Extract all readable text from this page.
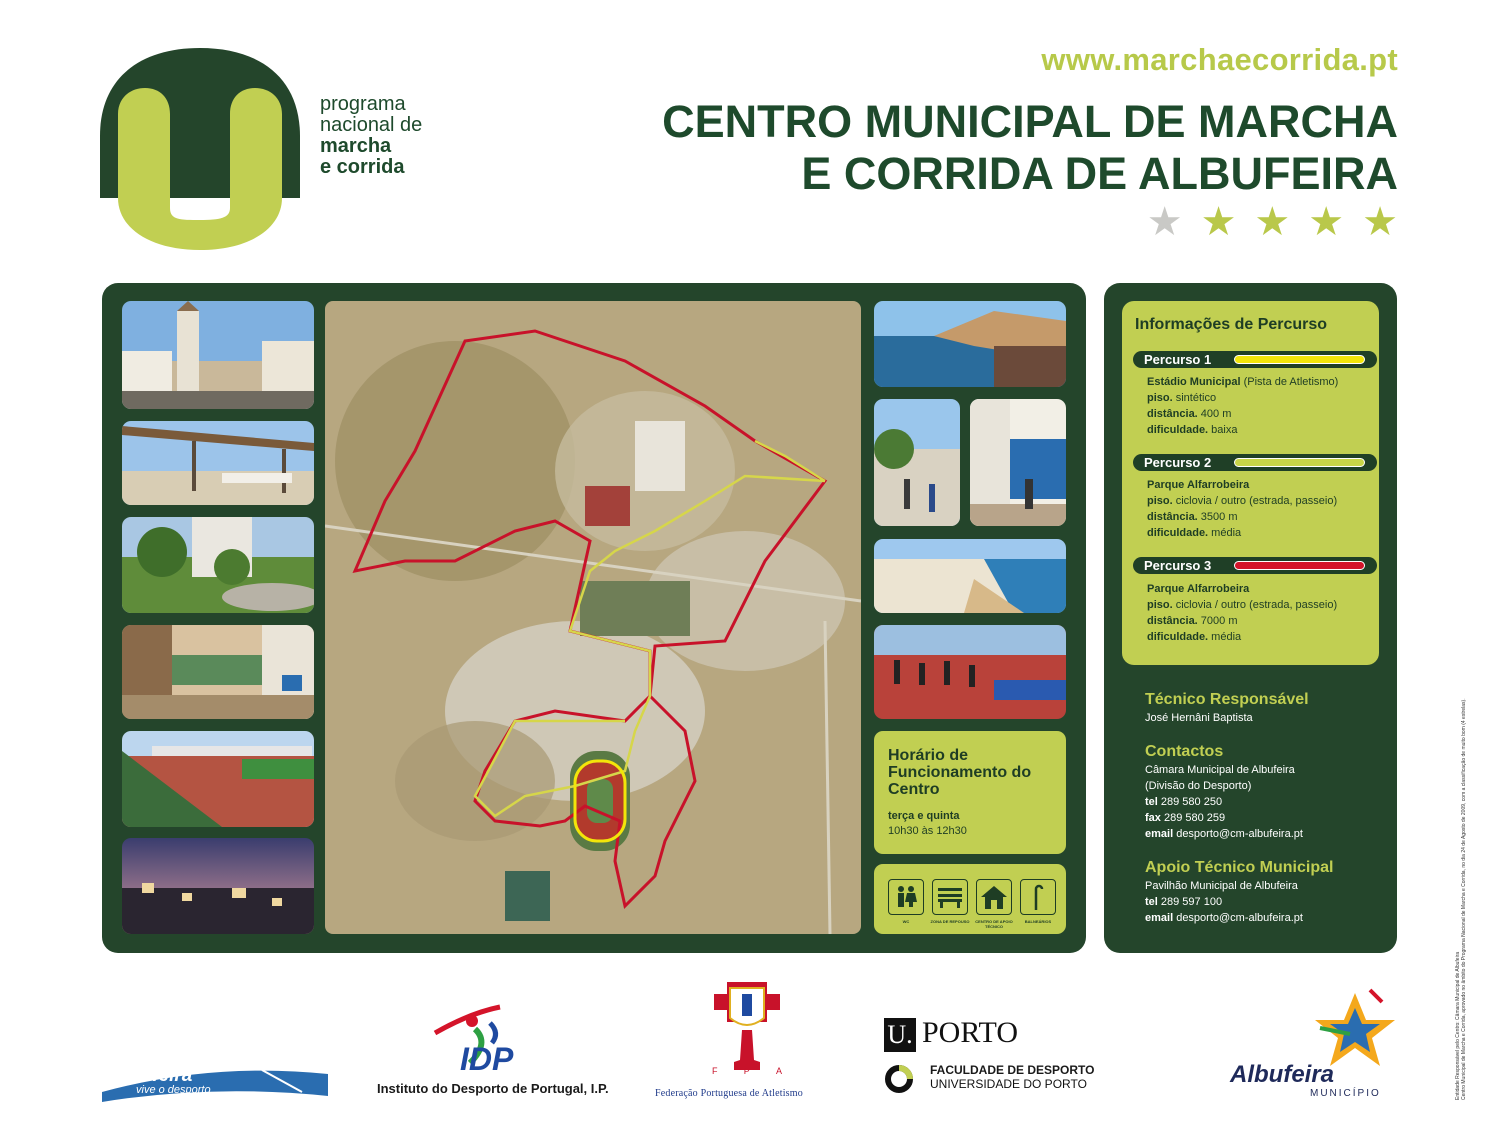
programa
nacional de
marcha
e corrida
www.marchaecorrida.pt
CENTRO MUNICIPAL DE MARCHA
E CORRIDA DE ALBUFEIRA
★ ★ ★ ★ ★
Horário de Funcionamento do Centro
terça e quinta
10h30 às 12h30
WC	ZONA DE REPOUSO	CENTRO DE APOIO TÉCNICO
BALNEÁRIOS
Informações de Percurso
Percurso 1
Estádio Municipal (Pista de Atletismo)
piso. sintético
distância. 400 m
dificuldade. baixa
Percurso 2
Parque Alfarrobeira
piso. ciclovia / outro (estrada, passeio)
distância. 3500 m
dificuldade. média
Percurso 3
Parque Alfarrobeira
piso. ciclovia / outro (estrada, passeio)
distância. 7000 m
dificuldade. média
Técnico Responsável
José Hernâni Baptista
Contactos
Câmara Municipal de Albufeira
(Divisão do Desporto)
tel 289 580 250
fax 289 580 259
email desporto@cm-albufeira.pt
Apoio Técnico Municipal
Pavilhão Municipal de Albufeira
tel 289 597 100
email desporto@cm-albufeira.pt
Entidade Responsável pelo Centro: Câmara Municipal de Albufeira Centro Municipal de Marcha e Corrida, aprovado no âmbito do Programa Nacional de Marcha e Corrida, no dia 24 de Agosto de 2009, com a classificação de muito bom (4 estrelas).
Albufeira
vive o desporto
IDP
Instituto do Desporto de Portugal, I.P.
F	P	A
Federação Portuguesa de Atletismo
U. PORTO
FACULDADE DE DESPORTO
UNIVERSIDADE DO PORTO	Albufeira
MUNICÍPIO
